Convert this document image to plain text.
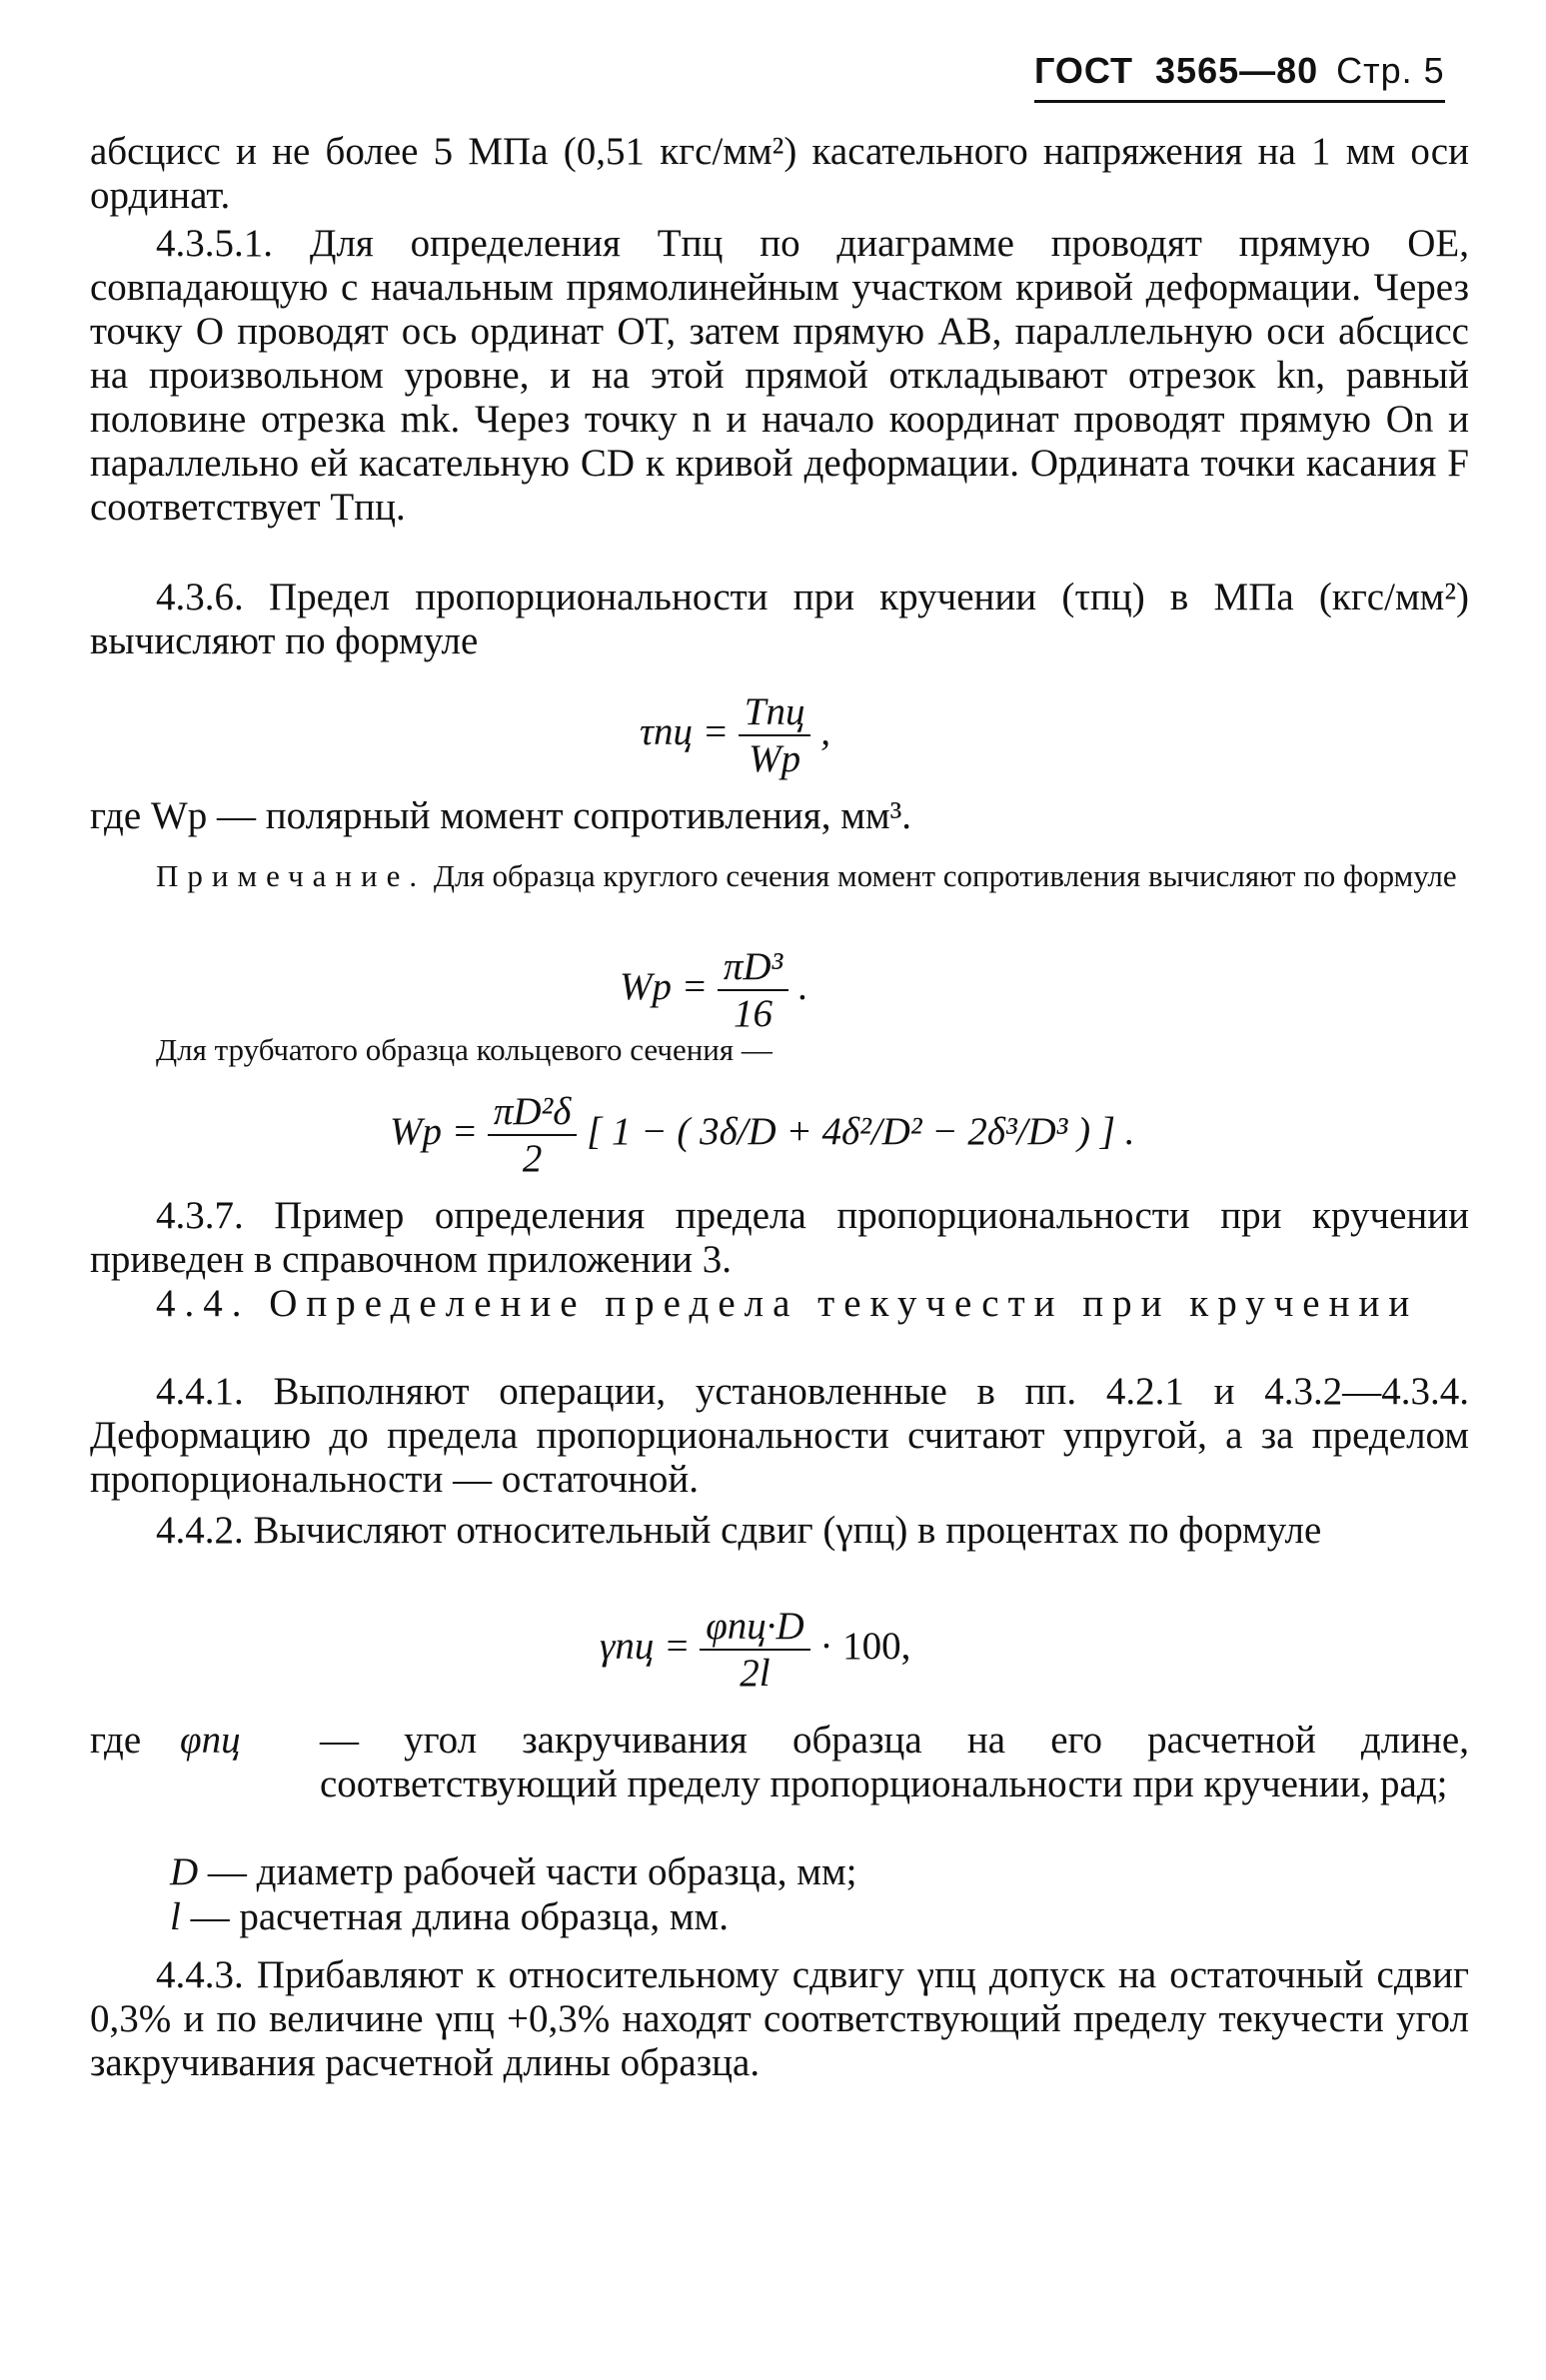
ГОСТ 3565—80 Стр. 5

абсцисс и не более 5 МПа (0,51 кгс/мм²) касательного напряжения на 1 мм оси ординат.

4.3.5.1. Для определения Tпц по диаграмме проводят прямую OE, совпадающую с начальным прямолинейным участком кривой деформации. Через точку O проводят ось ординат OT, затем прямую AB, параллельную оси абсцисс на произвольном уровне, и на этой прямой откладывают отрезок kn, равный половине отрезка mk. Через точку n и начало координат проводят прямую On и параллельно ей касательную CD к кривой деформации. Ордината точки касания F соответствует Tпц.

4.3.6. Предел пропорциональности при кручении (τпц) в МПа (кгс/мм²) вычисляют по формуле

$\tau пц = \frac{\text{Tпц}}{Wр}$ ,

где Wр — полярный момент сопротивления, мм³.

Примечание. Для образца круглого сечения момент сопротивления вычисляют по формуле

Wр = $\frac{\text{πD³}}{16}$ .

Для трубчатого образца кольцевого сечения —

Wр = $\frac{\text{πD²δ}}{2}$ [ 1 − ( 3δ/D + 4δ²/D² − 2δ³/D³ ) ] .

4.3.7. Пример определения предела пропорциональности при кручении приведен в справочном приложении 3.

4.4. Определение предела текучести при кручении

4.4.1. Выполняют операции, установленные в пп. 4.2.1 и 4.3.2—4.3.4. Деформацию до предела пропорциональности считают упругой, а за пределом пропорциональности — остаточной.

4.4.2. Вычисляют относительный сдвиг (γпц) в процентах по формуле

$\gamma пц = \frac{\text{φпц·D}}{2l} \cdot 100$,
где φпц — угол закручивания образца на его расчетной длине, соответствующий пределу пропорциональности при кручении, рад;
D — диаметр рабочей части образца, мм;
l — расчетная длина образца, мм.

4.4.3. Прибавляют к относительному сдвигу γпц допуск на остаточный сдвиг 0,3% и по величине γпц +0,3% находят соответствующий пределу текучести угол закручивания расчетной длины образца.
